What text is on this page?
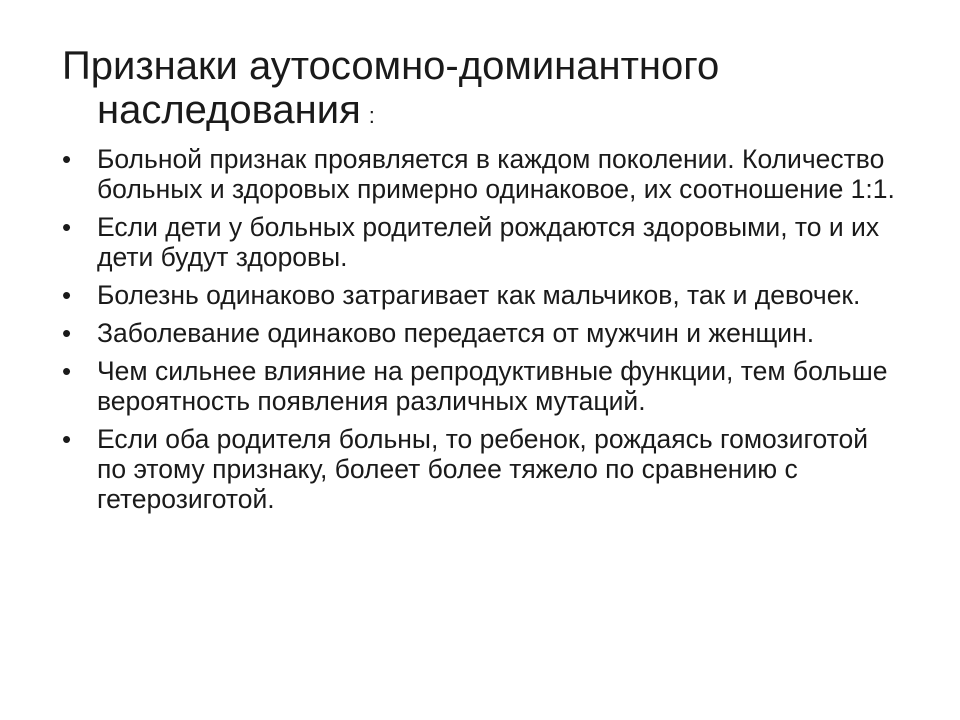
Признаки аутосомно-доминантного
наследования :
• Больной признак проявляется в каждом поколении. Количество больных и здоровых примерно одинаковое, их соотношение 1:1.
• Если дети у больных родителей рождаются здоровыми, то и их дети будут здоровы.
• Болезнь одинаково затрагивает как мальчиков, так и девочек.
• Заболевание одинаково передается от мужчин и женщин.
• Чем сильнее влияние на репродуктивные функции, тем больше вероятность появления различных мутаций.
• Если оба родителя больны, то ребенок, рождаясь гомозиготой по этому признаку, болеет более тяжело по сравнению с гетерозиготой.
